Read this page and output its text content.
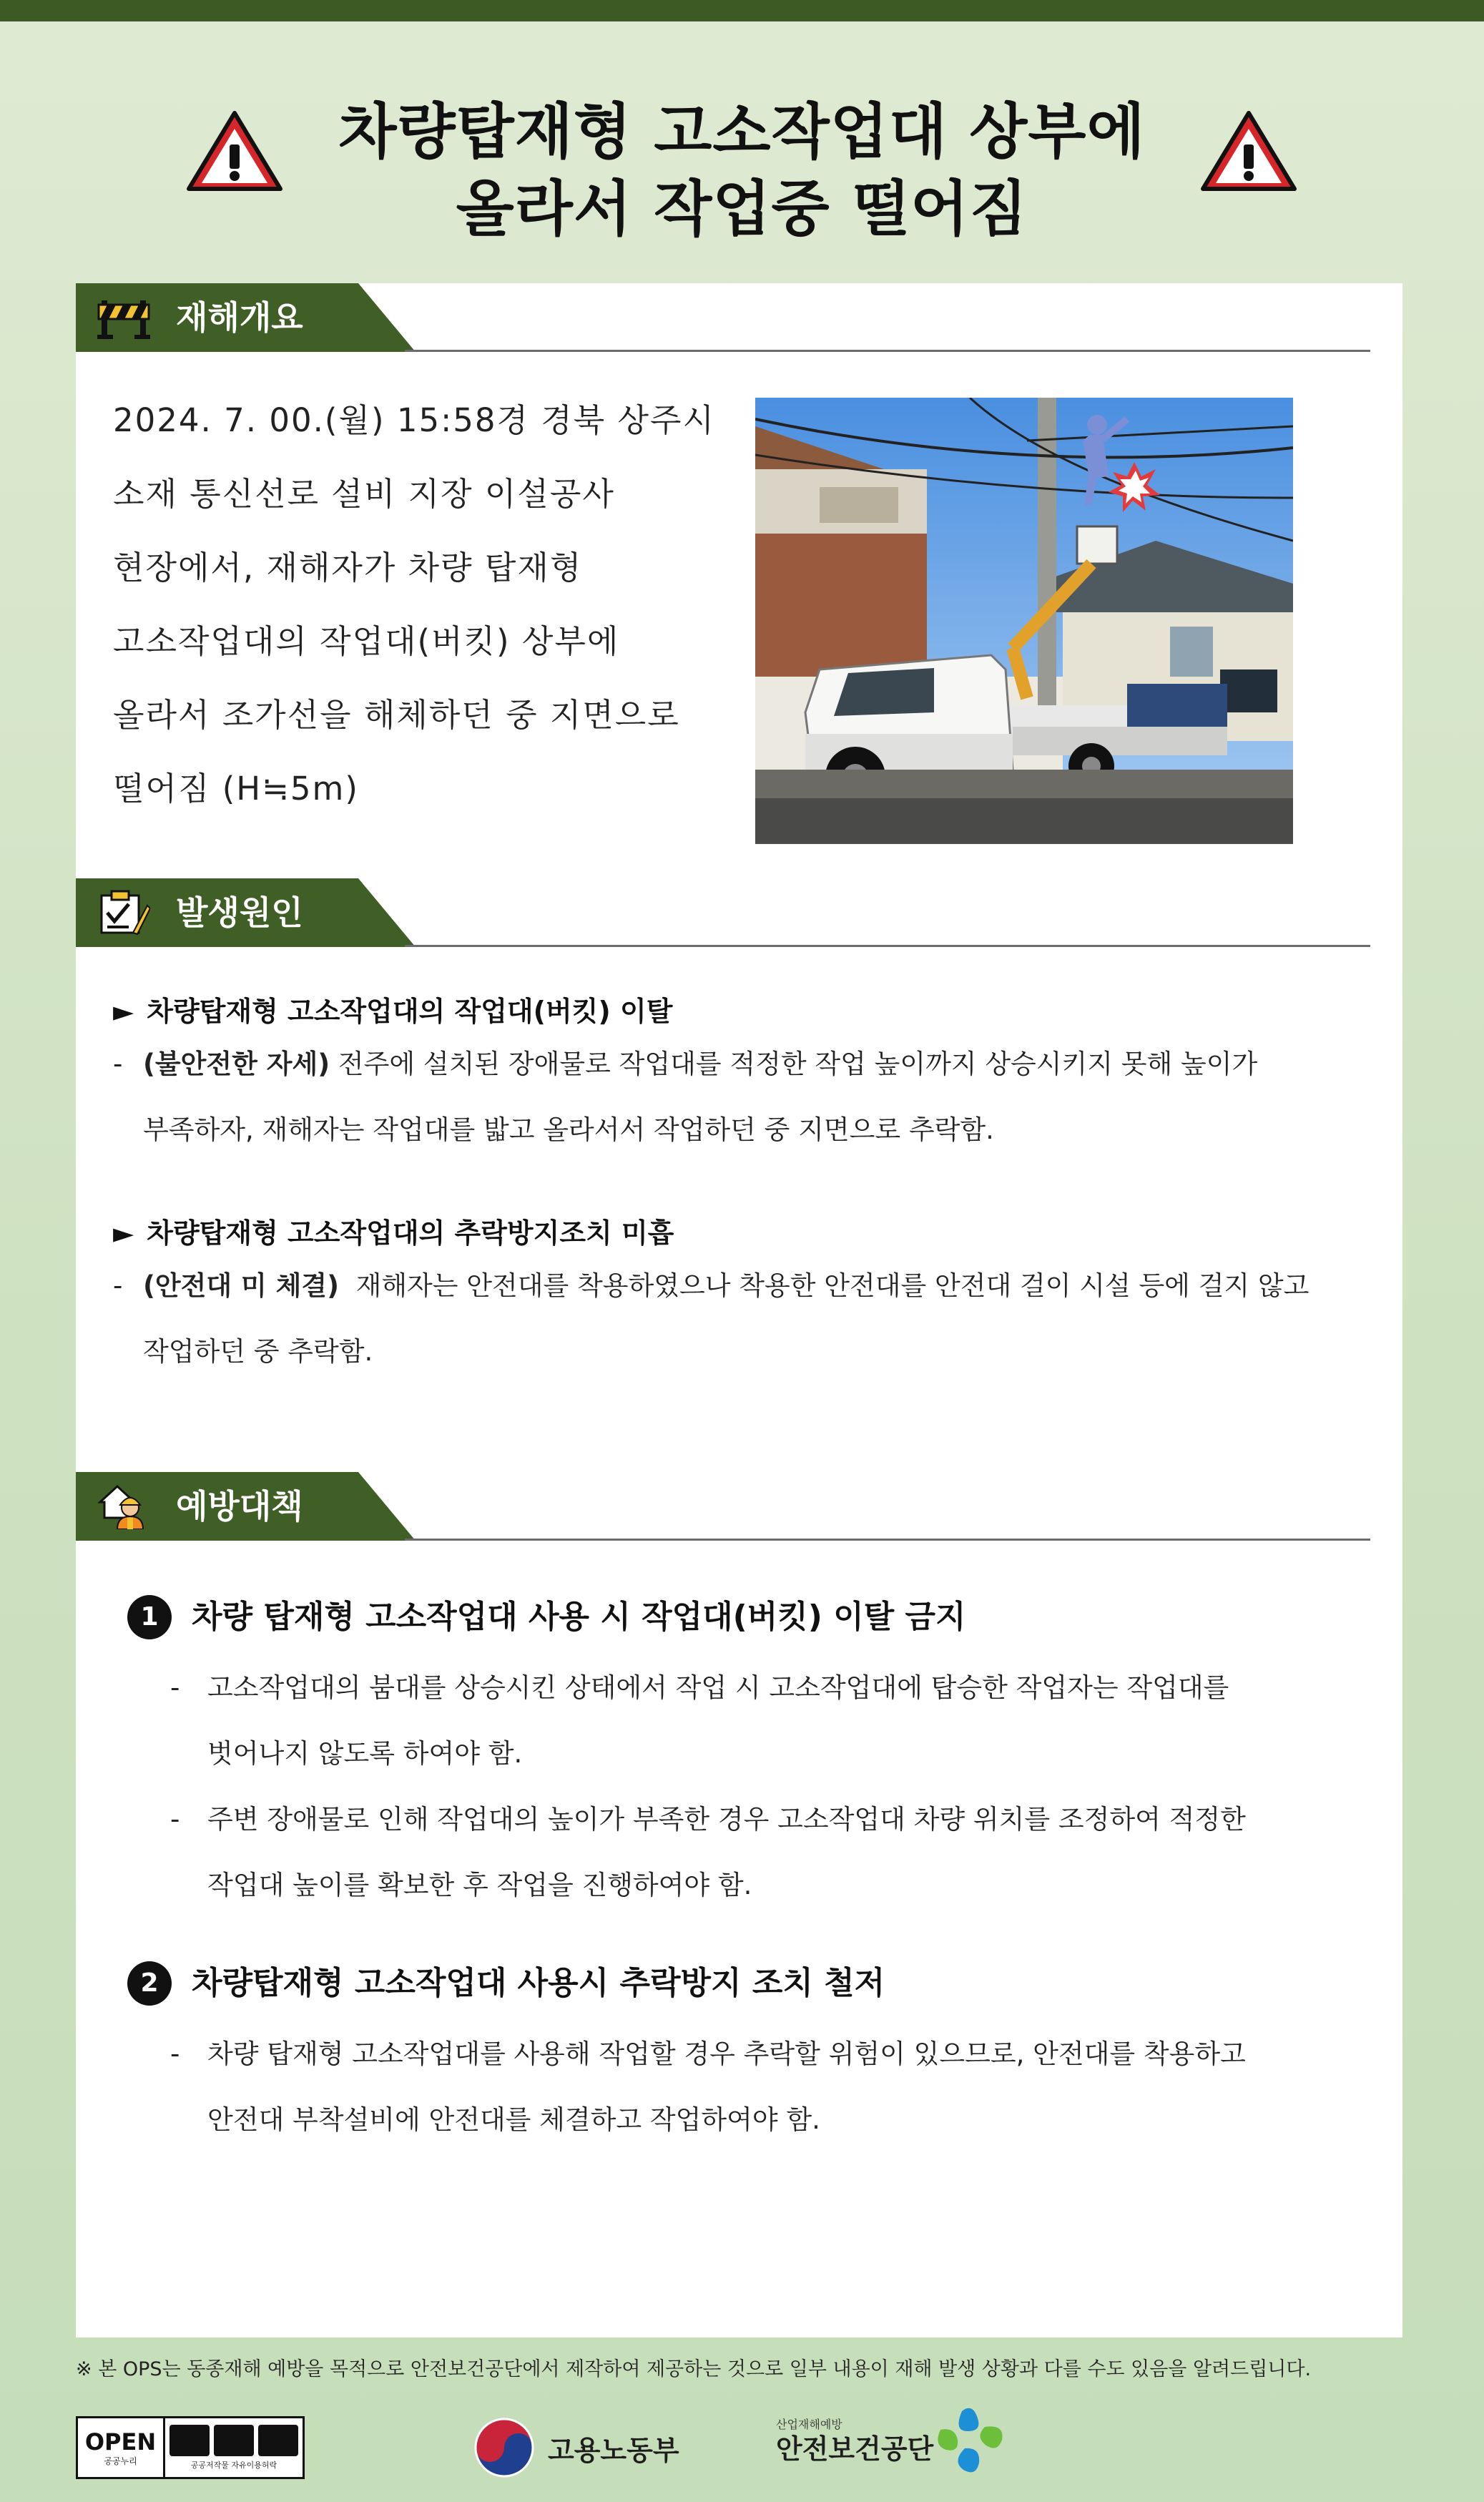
차량탑재형 고소작업대 상부에
올라서 작업중 떨어짐
재해개요
2024. 7. 00.(월) 15:58경 경북 상주시
소재 통신선로 설비 지장 이설공사
현장에서, 재해자가 차량 탑재형
고소작업대의 작업대(버킷) 상부에
올라서 조가선을 해체하던 중 지면으로
떨어짐 (H≒5m)
발생원인
► 차량탑재형 고소작업대의 작업대(버킷) 이탈
- (불안전한 자세) 전주에 설치된 장애물로 작업대를 적정한 작업 높이까지 상승시키지 못해 높이가
부족하자, 재해자는 작업대를 밟고 올라서서 작업하던 중 지면으로 추락함.
► 차량탑재형 고소작업대의 추락방지조치 미흡
- (안전대 미 체결) 재해자는 안전대를 착용하였으나 착용한 안전대를 안전대 걸이 시설 등에 걸지 않고
작업하던 중 추락함.
예방대책
1	차량 탑재형 고소작업대 사용 시 작업대(버킷) 이탈 금지
- 고소작업대의 붐대를 상승시킨 상태에서 작업 시 고소작업대에 탑승한 작업자는 작업대를
벗어나지 않도록 하여야 함.
- 주변 장애물로 인해 작업대의 높이가 부족한 경우 고소작업대 차량 위치를 조정하여 적정한
작업대 높이를 확보한 후 작업을 진행하여야 함.
2	차량탑재형 고소작업대 사용시 추락방지 조치 철저
- 차량 탑재형 고소작업대를 사용해 작업할 경우 추락할 위험이 있으므로, 안전대를 착용하고
안전대 부착설비에 안전대를 체결하고 작업하여야 함.
※ 본 OPS는 동종재해 예방을 목적으로 안전보건공단에서 제작하여 제공하는 것으로 일부 내용이 재해 발생 상황과 다를 수도 있음을 알려드립니다.
OPEN
공공누리	공공저작물 자유이용허락	고용노동부
산업재해예방
안전보건공단
